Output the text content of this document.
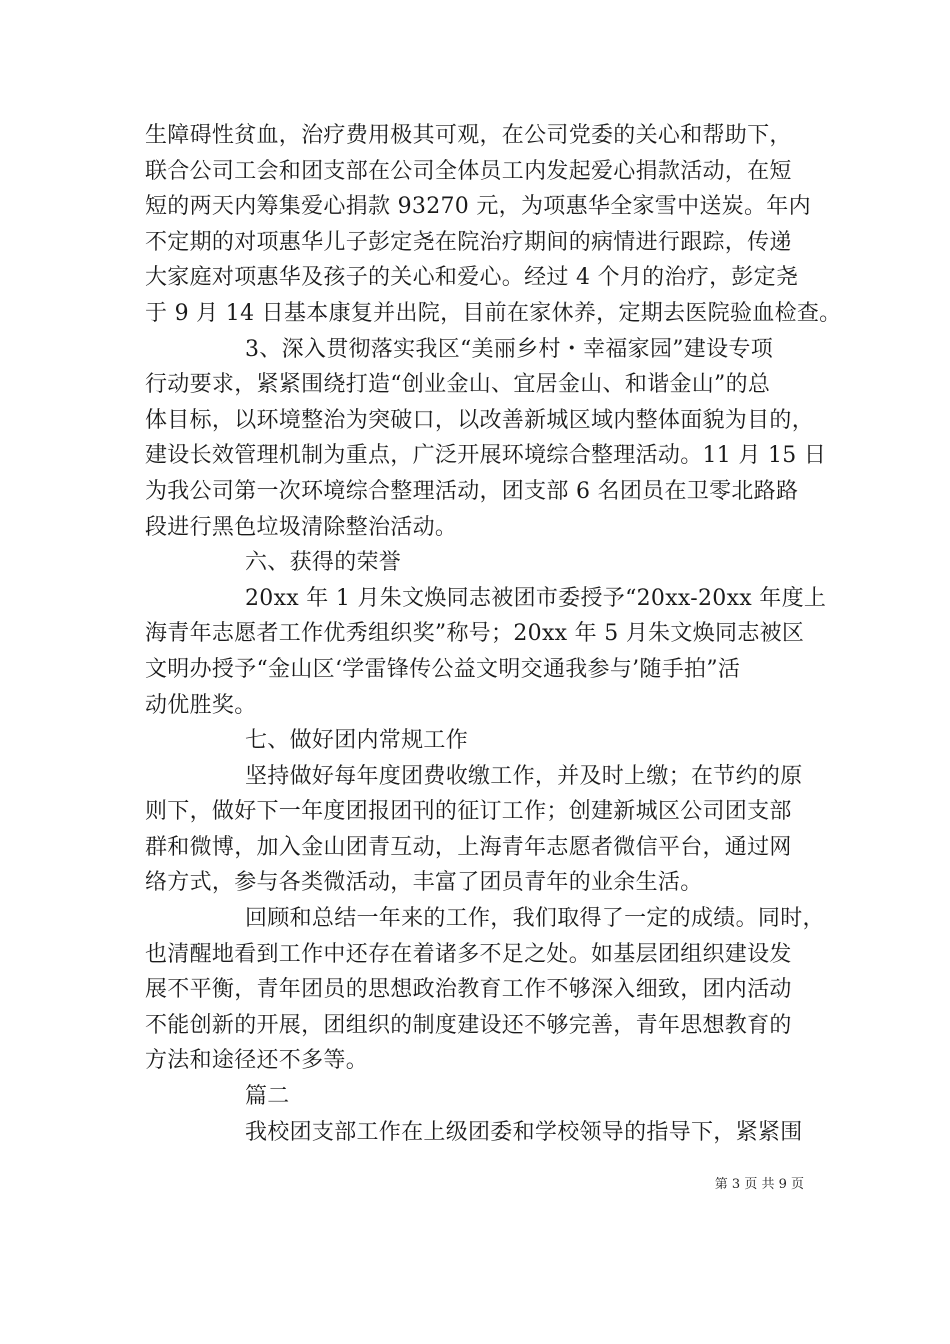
生障碍性贫血，治疗费用极其可观，在公司党委的关心和帮助下，
联合公司工会和团支部在公司全体员工内发起爱心捐款活动，在短
短的两天内筹集爱心捐款 93270 元，为项惠华全家雪中送炭。年内
不定期的对项惠华儿子彭定尧在院治疗期间的病情进行跟踪，传递
大家庭对项惠华及孩子的关心和爱心。经过 4 个月的治疗，彭定尧
于 9 月 14 日基本康复并出院，目前在家休养，定期去医院验血检查。
3、深入贯彻落实我区“美丽乡村・幸福家园”建设专项
行动要求，紧紧围绕打造“创业金山、宜居金山、和谐金山”的总
体目标，以环境整治为突破口，以改善新城区域内整体面貌为目的，
建设长效管理机制为重点，广泛开展环境综合整理活动。11 月 15 日
为我公司第一次环境综合整理活动，团支部 6 名团员在卫零北路路
段进行黑色垃圾清除整治活动。
六、获得的荣誉
20xx 年 1 月朱文焕同志被团市委授予“20xx-20xx 年度上
海青年志愿者工作优秀组织奖”称号；20xx 年 5 月朱文焕同志被区
文明办授予“金山区‘学雷锋传公益文明交通我参与’随手拍”活
动优胜奖。
七、做好团内常规工作
坚持做好每年度团费收缴工作，并及时上缴；在节约的原
则下，做好下一年度团报团刊的征订工作；创建新城区公司团支部
群和微博，加入金山团青互动，上海青年志愿者微信平台，通过网
络方式，参与各类微活动，丰富了团员青年的业余生活。
回顾和总结一年来的工作，我们取得了一定的成绩。同时，
也清醒地看到工作中还存在着诸多不足之处。如基层团组织建设发
展不平衡，青年团员的思想政治教育工作不够深入细致，团内活动
不能创新的开展，团组织的制度建设还不够完善，青年思想教育的
方法和途径还不多等。
篇二
我校团支部工作在上级团委和学校领导的指导下，紧紧围
第 3 页 共 9 页
